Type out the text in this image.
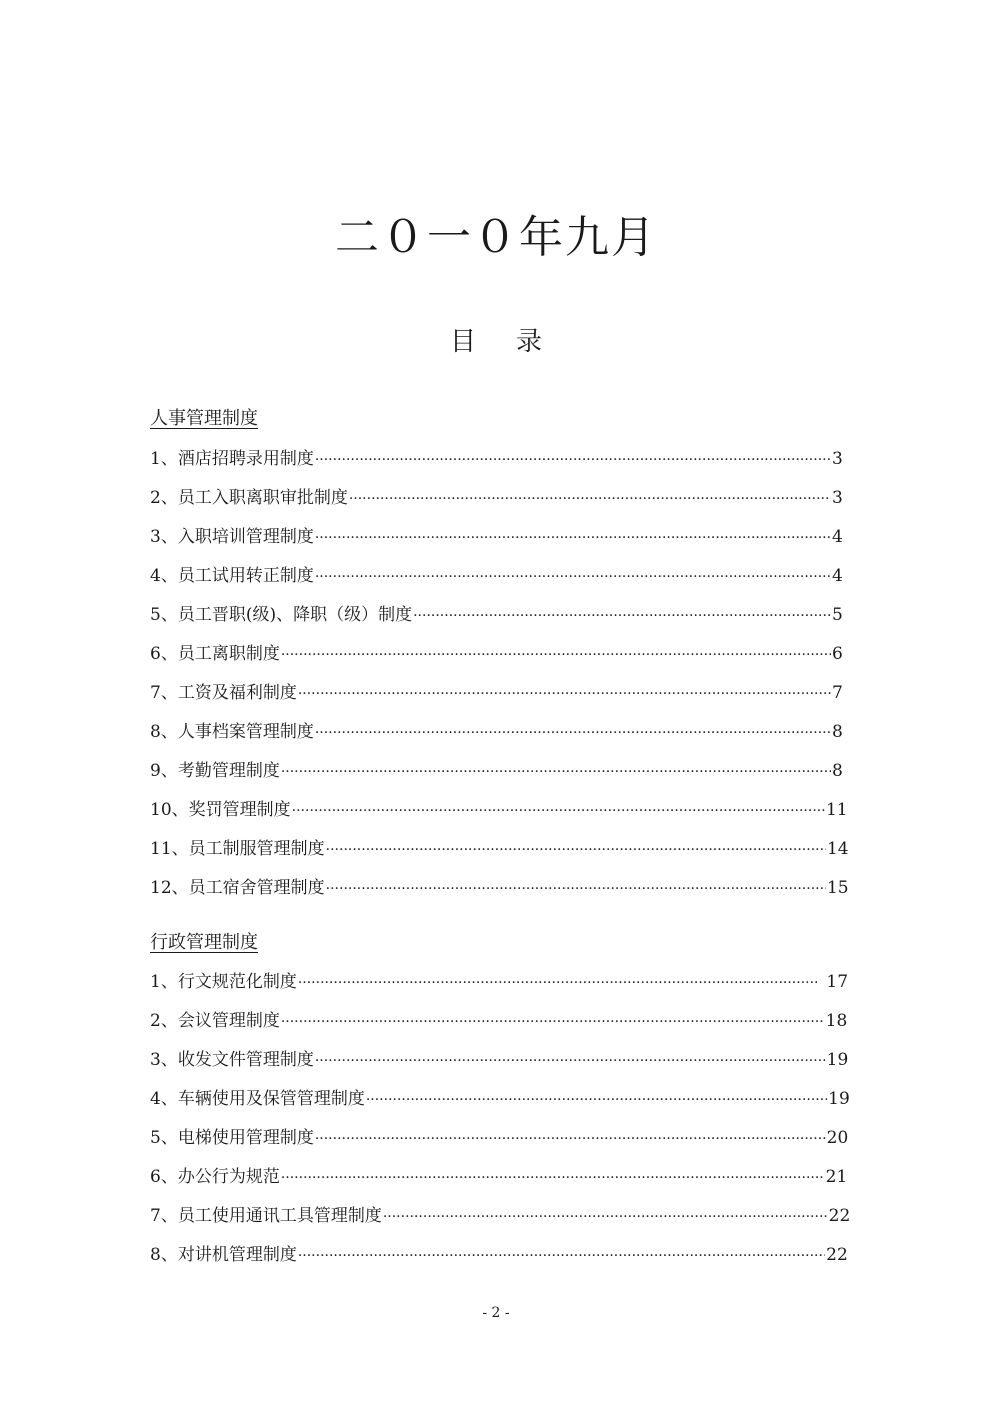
二０一０年九月
目 录
人事管理制度
1、酒店招聘录用制度 ·····	3
2、员工入职离职审批制度 ·····	3
3、入职培训管理制度 ·····	4
4、员工试用转正制度 ·····	4
5、员工晋职(级)、降职（级）制度 ·····	5
6、员工离职制度 ·····	6
7、工资及福利制度 ·····	7
8、人事档案管理制度 ·····	8
9、考勤管理制度 ·····	8
10、奖罚管理制度 ·····	11
11、员工制服管理制度 ·····	14
12、员工宿舍管理制度 ·····	15
行政管理制度
1、行文规范化制度 ·····	17
2、会议管理制度 ·····	18
3、收发文件管理制度 ·····	19
4、车辆使用及保管管理制度 ·····	19
5、电梯使用管理制度 ·····	20
6、办公行为规范 ·····	21
7、员工使用通讯工具管理制度 ·····	22
8、对讲机管理制度 ·····	22
- 2 -
